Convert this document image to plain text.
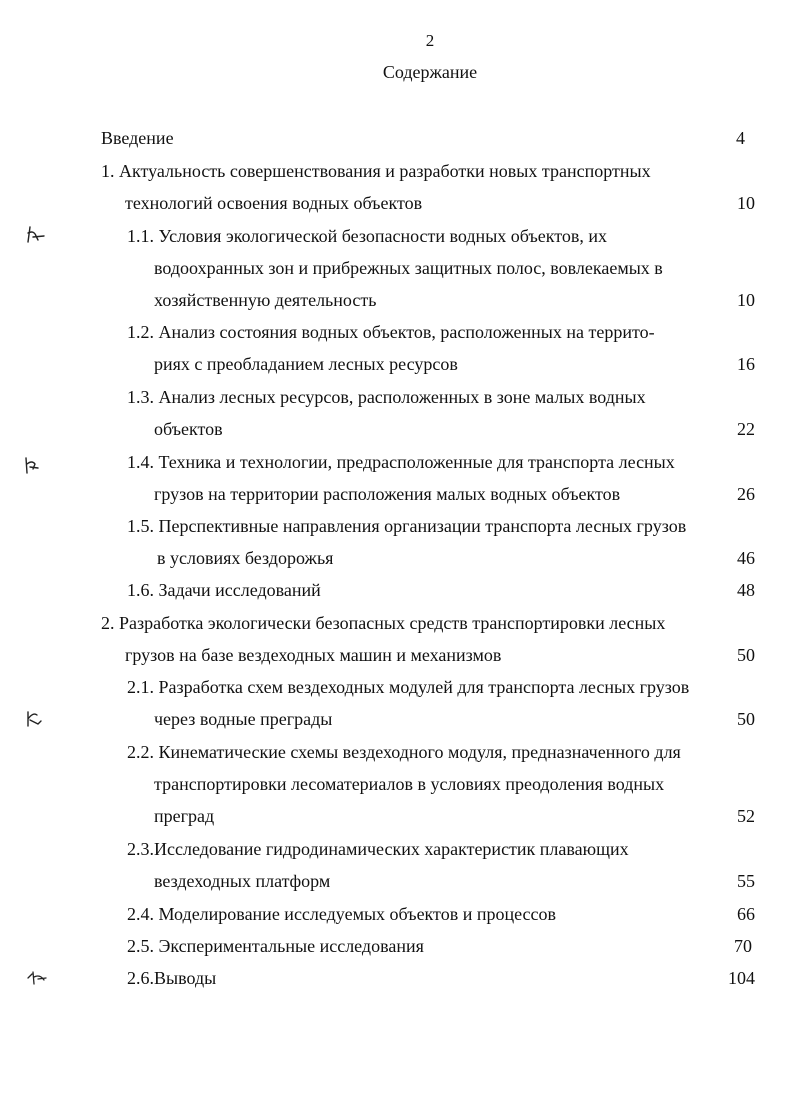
2
Содержание
Введение	4
1. Актуальность совершенствования и разработки новых транспортных
технологий освоения водных объектов	10
1.1. Условия экологической безопасности водных объектов, их
водоохранных зон и прибрежных защитных полос, вовлекаемых в
хозяйственную деятельность	10
1.2. Анализ состояния водных объектов, расположенных на террито-
риях с преобладанием лесных ресурсов	16
1.3. Анализ лесных ресурсов, расположенных в зоне малых водных
объектов	22
1.4. Техника и технологии, предрасположенные для транспорта лесных
грузов на территории расположения малых водных объектов	26
1.5. Перспективные направления организации транспорта лесных грузов
в условиях бездорожья	46
1.6. Задачи исследований	48
2. Разработка экологически безопасных средств транспортировки лесных
грузов на базе вездеходных машин и механизмов	50
2.1. Разработка схем вездеходных модулей для транспорта лесных грузов
через водные преграды	50
2.2. Кинематические схемы вездеходного модуля, предназначенного для
транспортировки лесоматериалов в условиях преодоления водных
преград	52
2.3.Исследование гидродинамических характеристик плавающих
вездеходных платформ	55
2.4. Моделирование исследуемых объектов и процессов	66
2.5. Экспериментальные исследования	70
2.6.Выводы	104
